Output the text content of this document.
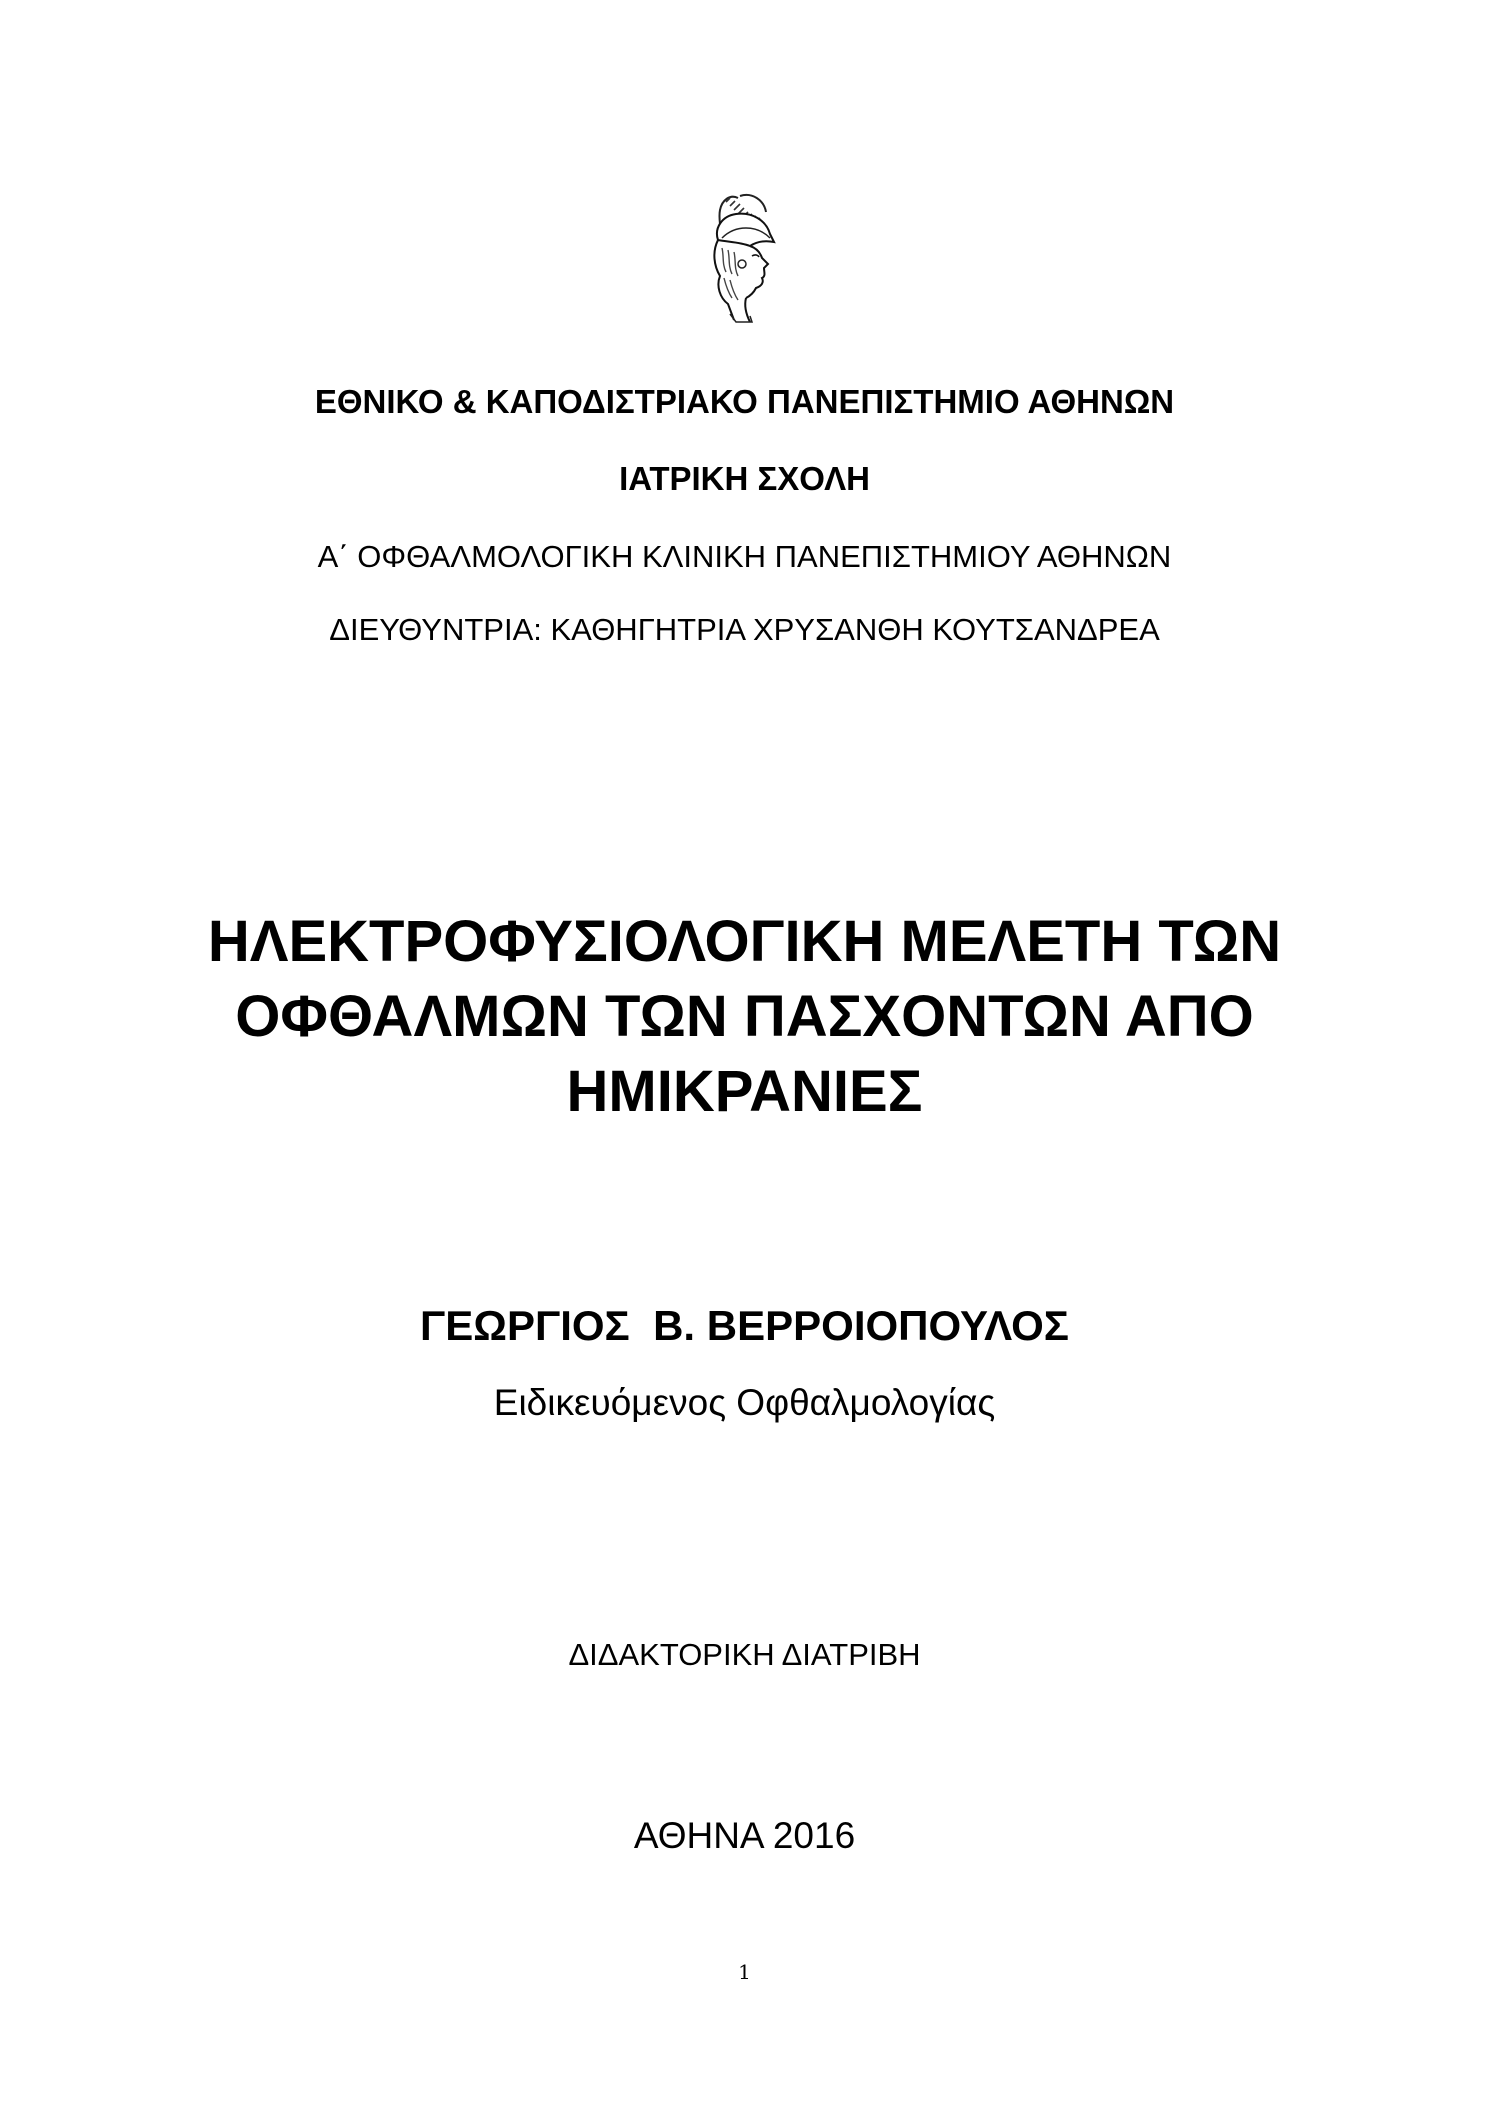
ΕΘΝΙΚΟ & ΚΑΠΟΔΙΣΤΡΙΑΚΟ ΠΑΝΕΠΙΣΤΗΜΙΟ ΑΘΗΝΩΝ
ΙΑΤΡΙΚΗ ΣΧΟΛΗ
Α΄ ΟΦΘΑΛΜΟΛΟΓΙΚΗ ΚΛΙΝΙΚΗ ΠΑΝΕΠΙΣΤΗΜΙΟΥ ΑΘΗΝΩΝ
ΔΙΕΥΘΥΝΤΡΙΑ: ΚΑΘΗΓΗΤΡΙΑ ΧΡΥΣΑΝΘΗ ΚΟΥΤΣΑΝΔΡΕΑ
ΗΛΕΚΤΡΟΦΥΣΙΟΛΟΓΙΚΗ ΜΕΛΕΤΗ ΤΩΝ
ΟΦΘΑΛΜΩΝ ΤΩΝ ΠΑΣΧΟΝΤΩΝ ΑΠΟ
ΗΜΙΚΡΑΝΙΕΣ
ΓΕΩΡΓΙΟΣ  Β. ΒΕΡΡΟΙΟΠΟΥΛΟΣ
Ειδικευόμενος Οφθαλμολογίας
ΔΙΔΑΚΤΟΡΙΚΗ ΔΙΑΤΡΙΒΗ
ΑΘΗΝΑ 2016
1
